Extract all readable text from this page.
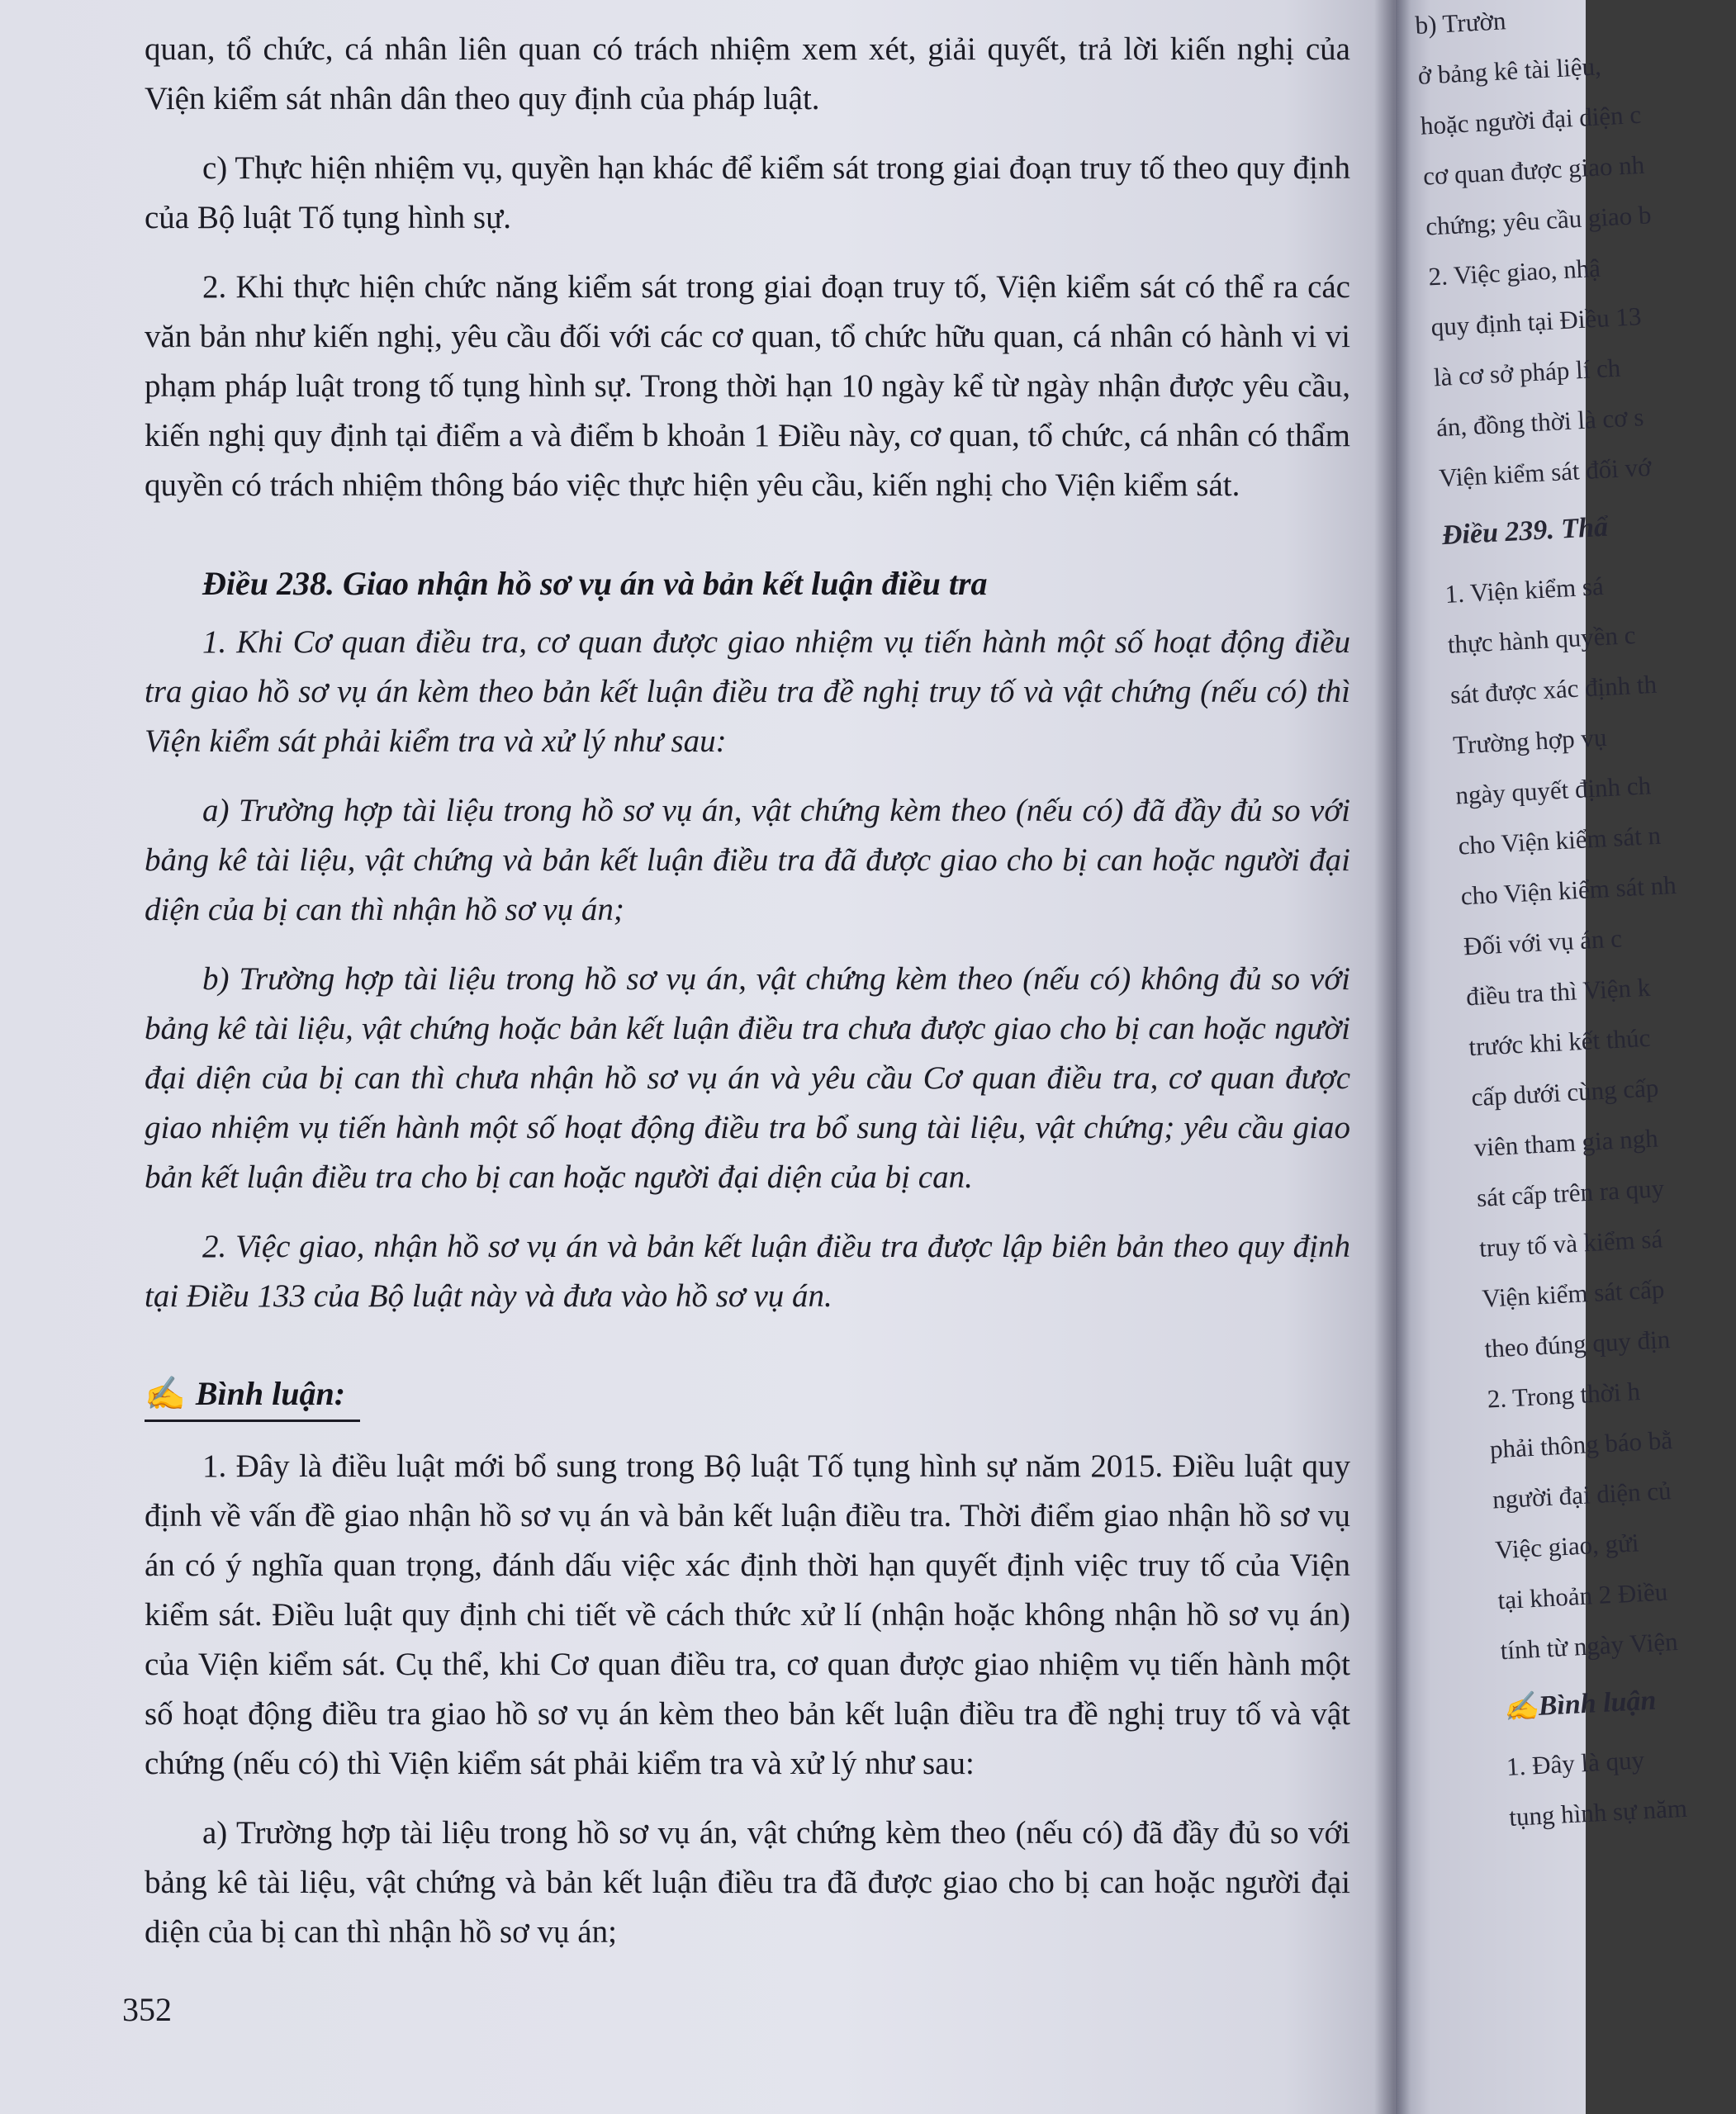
quan, tổ chức, cá nhân liên quan có trách nhiệm xem xét, giải quyết, trả lời kiến nghị của Viện kiểm sát nhân dân theo quy định của pháp luật.

c) Thực hiện nhiệm vụ, quyền hạn khác để kiểm sát trong giai đoạn truy tố theo quy định của Bộ luật Tố tụng hình sự.

2. Khi thực hiện chức năng kiểm sát trong giai đoạn truy tố, Viện kiểm sát có thể ra các văn bản như kiến nghị, yêu cầu đối với các cơ quan, tổ chức hữu quan, cá nhân có hành vi vi phạm pháp luật trong tố tụng hình sự. Trong thời hạn 10 ngày kể từ ngày nhận được yêu cầu, kiến nghị quy định tại điểm a và điểm b khoản 1 Điều này, cơ quan, tổ chức, cá nhân có thẩm quyền có trách nhiệm thông báo việc thực hiện yêu cầu, kiến nghị cho Viện kiểm sát.

Điều 238. Giao nhận hồ sơ vụ án và bản kết luận điều tra

1. Khi Cơ quan điều tra, cơ quan được giao nhiệm vụ tiến hành một số hoạt động điều tra giao hồ sơ vụ án kèm theo bản kết luận điều tra đề nghị truy tố và vật chứng (nếu có) thì Viện kiểm sát phải kiểm tra và xử lý như sau:

a) Trường hợp tài liệu trong hồ sơ vụ án, vật chứng kèm theo (nếu có) đã đầy đủ so với bảng kê tài liệu, vật chứng và bản kết luận điều tra đã được giao cho bị can hoặc người đại diện của bị can thì nhận hồ sơ vụ án;

b) Trường hợp tài liệu trong hồ sơ vụ án, vật chứng kèm theo (nếu có) không đủ so với bảng kê tài liệu, vật chứng hoặc bản kết luận điều tra chưa được giao cho bị can hoặc người đại diện của bị can thì chưa nhận hồ sơ vụ án và yêu cầu Cơ quan điều tra, cơ quan được giao nhiệm vụ tiến hành một số hoạt động điều tra bổ sung tài liệu, vật chứng; yêu cầu giao bản kết luận điều tra cho bị can hoặc người đại diện của bị can.

2. Việc giao, nhận hồ sơ vụ án và bản kết luận điều tra được lập biên bản theo quy định tại Điều 133 của Bộ luật này và đưa vào hồ sơ vụ án.

✍ Bình luận:

1. Đây là điều luật mới bổ sung trong Bộ luật Tố tụng hình sự năm 2015. Điều luật quy định về vấn đề giao nhận hồ sơ vụ án và bản kết luận điều tra. Thời điểm giao nhận hồ sơ vụ án có ý nghĩa quan trọng, đánh dấu việc xác định thời hạn quyết định việc truy tố của Viện kiểm sát. Điều luật quy định chi tiết về cách thức xử lí (nhận hoặc không nhận hồ sơ vụ án) của Viện kiểm sát. Cụ thể, khi Cơ quan điều tra, cơ quan được giao nhiệm vụ tiến hành một số hoạt động điều tra giao hồ sơ vụ án kèm theo bản kết luận điều tra đề nghị truy tố và vật chứng (nếu có) thì Viện kiểm sát phải kiểm tra và xử lý như sau:

a) Trường hợp tài liệu trong hồ sơ vụ án, vật chứng kèm theo (nếu có) đã đầy đủ so với bảng kê tài liệu, vật chứng và bản kết luận điều tra đã được giao cho bị can hoặc người đại diện của bị can thì nhận hồ sơ vụ án;

352
b) Trườn
ở bảng kê tài liệu,
hoặc người đại diện c
cơ quan được giao nh
chứng; yêu cầu giao b
2. Việc giao, nhậ
quy định tại Điều 13
là cơ sở pháp lí ch
án, đồng thời là cơ s
Viện kiểm sát đối vớ
Điều 239. Thẩ
1. Viện kiểm sá
thực hành quyền c
sát được xác định th
Trường hợp vụ
ngày quyết định ch
cho Viện kiểm sát n
cho Viện kiểm sát nh
Đối với vụ án c
điều tra thì Viện k
trước khi kết thúc
cấp dưới cùng cấp
viên tham gia ngh
sát cấp trên ra quy
truy tố và kiểm sá
Viện kiểm sát cấp
theo đúng quy địn
2. Trong thời h
phải thông báo bằ
người đại diện củ
Việc giao, gửi
tại khoản 2 Điều
tính từ ngày Viện
✍Bình luận
1. Đây là quy
tụng hình sự năm
